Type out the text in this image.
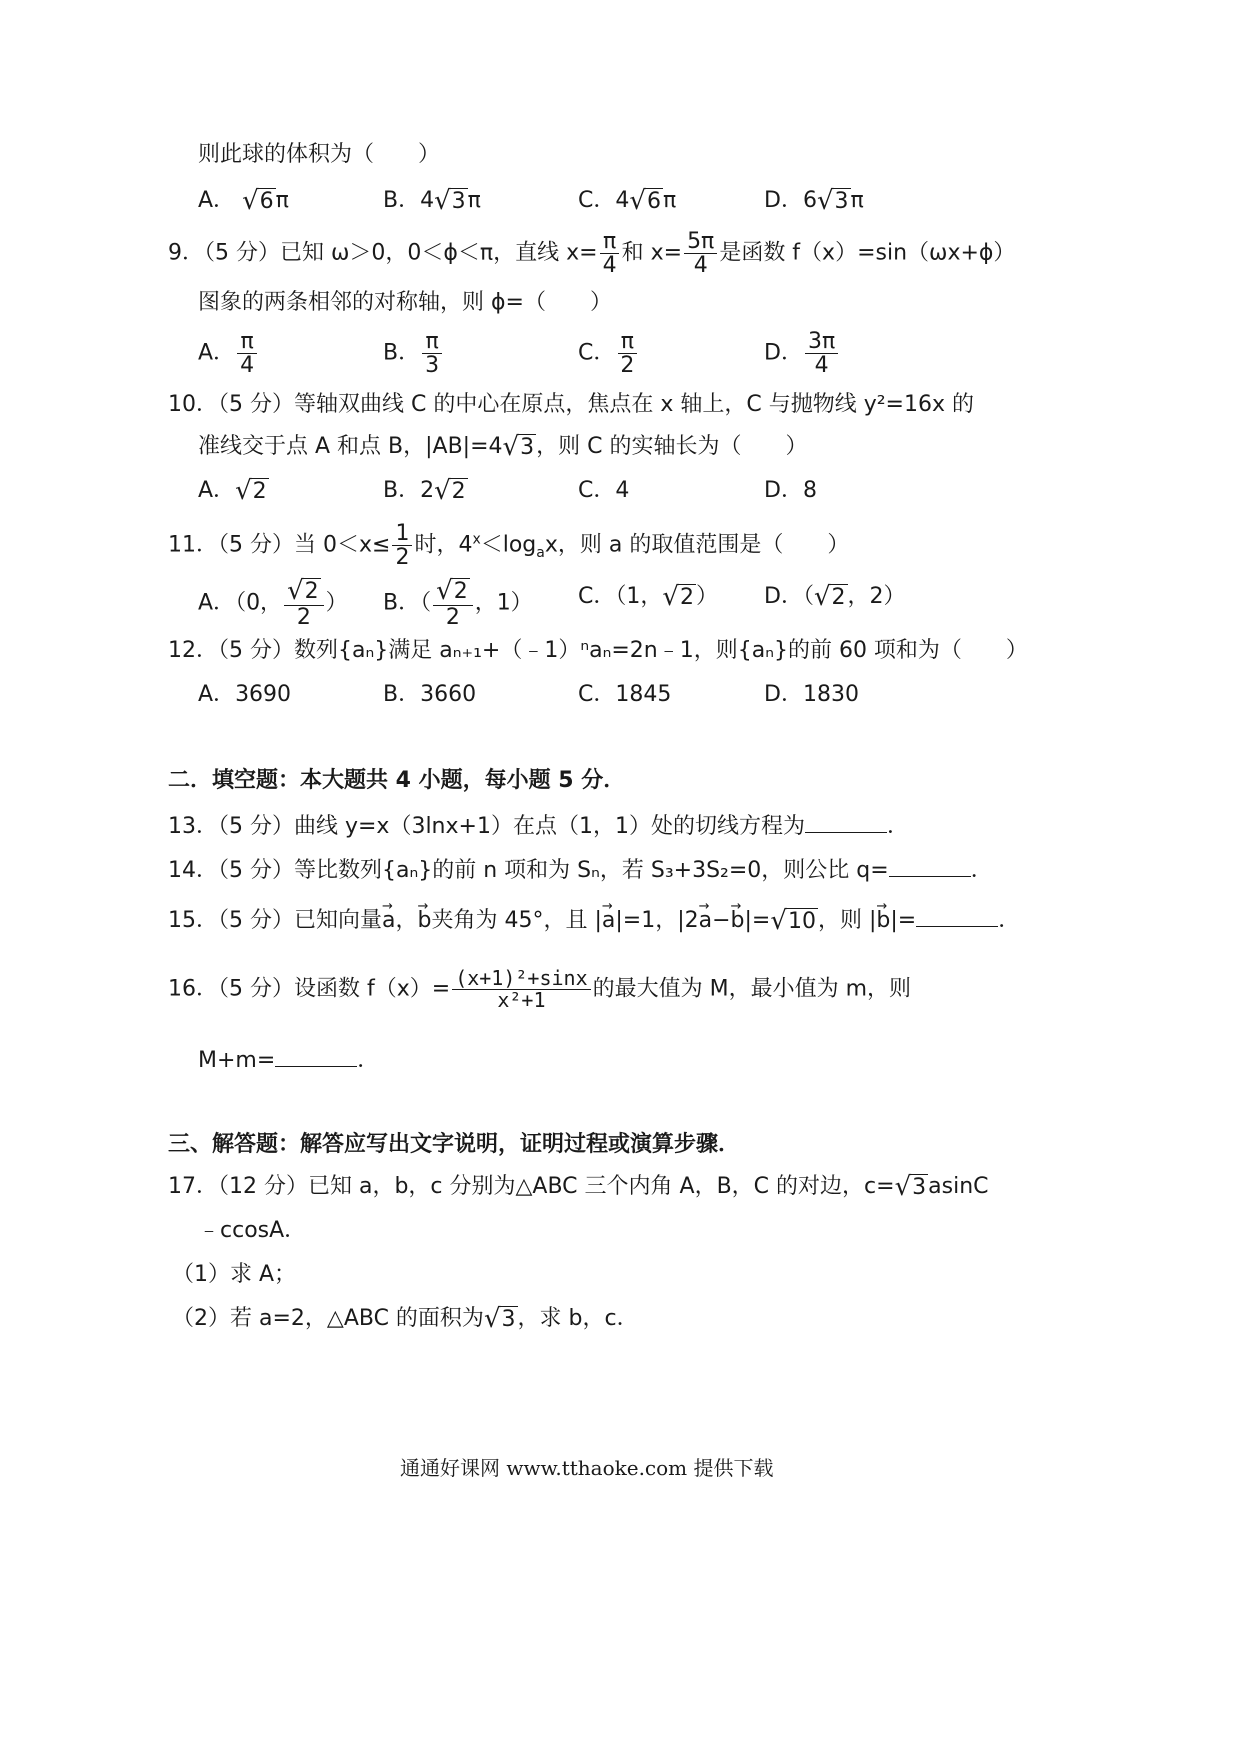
则此球的体积为（　　）
A． √ 6 π	B．4 √ 3 π	C．4 √ 6 π	D．6 √ 3 π
9．（5 分）已知 ω＞0，0＜ϕ＜π，直线 $x= \frac{\pi}{4}$ 和 $x= \frac{5\pi}{4}$ 是函数 f（x）=sin（ωx+ϕ）
图象的两条相邻的对称轴，则 ϕ=（　　）
A． $\frac{\pi}{4}$	B． $\frac{\pi}{3}$	C． $\frac{\pi}{2}$	D． $\frac{3\pi}{4}$
10．（5 分）等轴双曲线 C 的中心在原点，焦点在 x 轴上，C 与抛物线 y²=16x 的
准线交于点 A 和点 B，|AB|=4 √ 3 ，则 C 的实轴长为（　　）
A． √ 2	B．2 √ 2	C．4	D．8
11．（5 分）当 $0<x\le \frac{1}{2}$ 时，$4^x<\log_ax$，则 a 的取值范围是（　　）
A．（0， $\frac{√ 2}{2}$ ） B．（ $\frac{√ 2}{2}$ ，1） C．（1， √ 2 ） D．（ √ 2 ，2）
12．（5 分）数列{aₙ}满足 aₙ₊₁+（﹣1）ⁿaₙ=2n﹣1，则{aₙ}的前 60 项和为（　　）
A．3690	B．3660	C．1845	D．1830
二．填空题：本大题共 4 小题，每小题 5 分．
13．（5 分）曲线 y=x（3lnx+1）在点（1，1）处的切线方程为	．
14．（5 分）等比数列{aₙ}的前 n 项和为 Sₙ，若 S₃+3S₂=0，则公比 q=	．
15．（5 分）已知向量→ a，→ b夹角为 45°，且 |→ a|=1，|2→ a−→ b|= √ 10 ，则 |→ b|=	．
16．（5 分）设函数 $f(x)= \frac{\text{(x+1)²+sinx}}{\text{x²+1}}$ 的最大值为 M，最小值为 m，则
M+m=	．
三、解答题：解答应写出文字说明，证明过程或演算步骤．
17．（12 分）已知 a，b，c 分别为△ABC 三个内角 A，B，C 的对边，c= √ 3 asinC
﹣ccosA．
（1）求 A；
（2）若 a=2，△ABC 的面积为 √ 3 ，求 b，c．
通通好课网 www.tthaoke.com 提供下载
